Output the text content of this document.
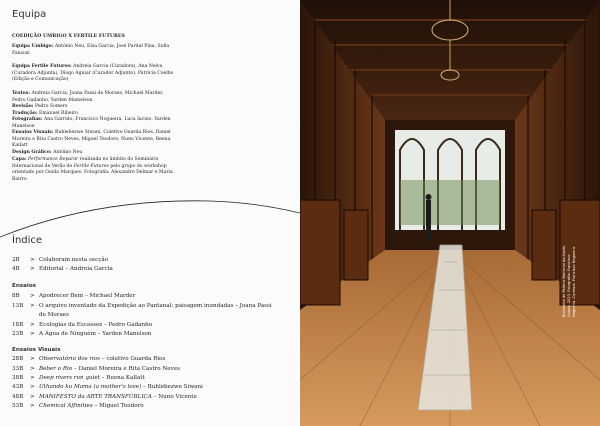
Equipa
COEDIÇÃO UMBIGO X FERTILE FUTURES
Equipa Umbigo: António Neu, Elsa Garcia, José Pardal Pina, Sofia Fanzozi
Equipa Fertile Futures: Andreia Garcia (Curadora), Ana Neiva (Curadora Adjunta), Diogo Aguiar (Curador Adjunto), Patrícia Coelho (Edição e Comunicação)
Textos: Andreia Garcia, Joana Passi de Moraes, Michael Marder, Pedro Gadanho, Yarden Mamelson
Revisão: Pedro Somers
Tradução: Emanuel Ribeiro
Fotografias: Ana Garrido, Francisco Nogueira, Luca Iacino, Yarden Manelson
Ensaios Visuais: Buhlebezwe Siwani, Coletivo Guarda Rios, Daniel Moreira e Rita Castro Neves, Miguel Teodoro, Nuno Vicente, Reena Kallatt
Design Gráfico: António Neu
Capa: Performance Reparar realizada no âmbito do Seminário Internacional de Verão de Fertile Futures pelo grupo do workshop orientado por Guida Marques. Fotografia: Alexandre Delmar e Maria Bairro
Índice
2B > Colaboram nesta secção
4B > Editorial – Andreia Garcia
Ensaios
8B > Apodrecer Bem – Michael Marder
13B > O arquivo inventado da Expedição ao Pantanal: paisagem inundadas – Joana Passi
de Moraes
18B > Ecologias da Escassez – Pedro Gadanho
23B > A Água de Ninguém – Yarden Manelson
Ensaios Visuais
28B > Observatório dos rios – coletivo Guarda Rios
33B > Beber o Rio – Daniel Moreira e Rita Castro Neves
38B > Deep rivers run quiet – Reena Kallatt
43B > Uthando ku Mama (a mother's love) – Buhlebezwe Siwani
48B > MANIFESTO da ARTE TRANSFÚBLICA – Nuno Vicente
53B > Chemical Affinities – Miguel Teodoro
Biblioteca do Palácio Nacional da Ajuda, Lisboa, 2023. Fotografia: Francisco Nogueira. Cortesia: Francisco Nogueira.
